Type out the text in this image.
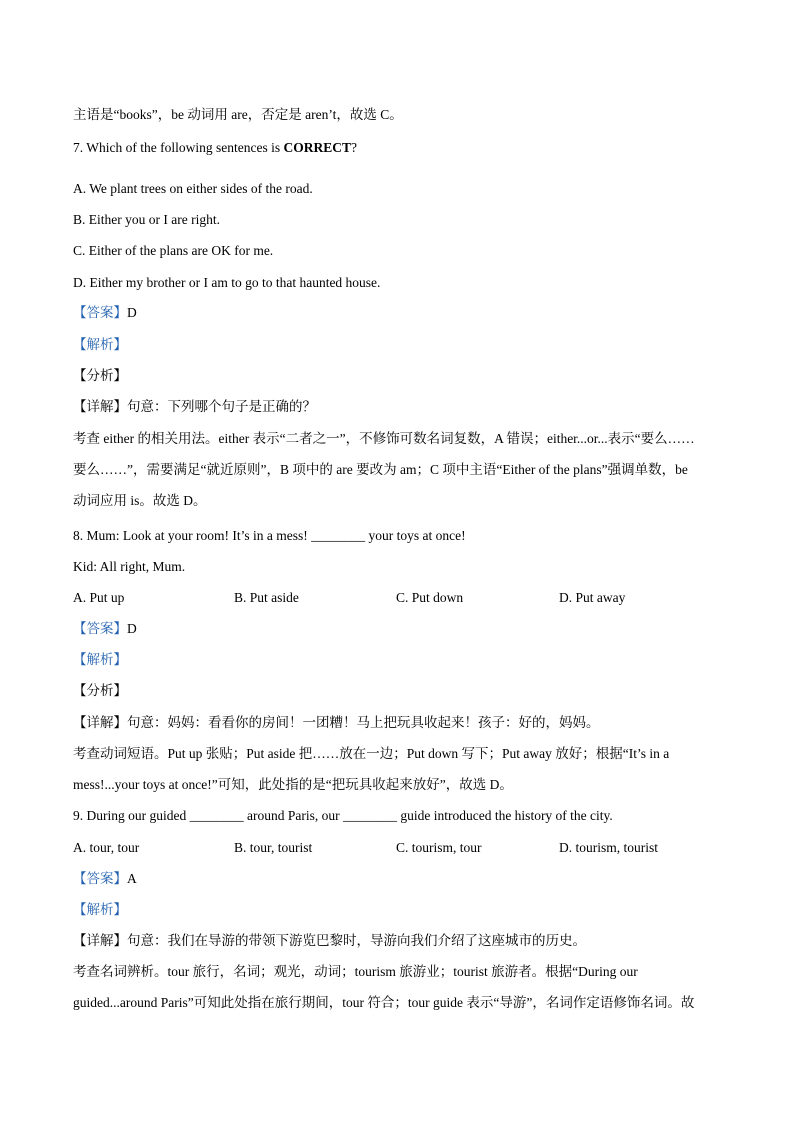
主语是“books”，be 动词用 are，否定是 aren’t，故选 C。
7. Which of the following sentences is CORRECT?
A. We plant trees on either sides of the road.
B. Either you or I are right.
C. Either of the plans are OK for me.
D. Either my brother or I am to go to that haunted house.
【答案】D
【解析】
【分析】
【详解】句意：下列哪个句子是正确的？
考查 either 的相关用法。either 表示“二者之一”，不修饰可数名词复数，A 错误；either...or...表示“要么……
要么……”，需要满足“就近原则”，B 项中的 are 要改为 am；C 项中主语“Either of the plans”强调单数，be
动词应用 is。故选 D。
8. Mum: Look at your room! It’s in a mess! ________ your toys at once!
Kid: All right, Mum.
A. Put up	B. Put aside	C. Put down	D. Put away
【答案】D
【解析】
【分析】
【详解】句意：妈妈：看看你的房间！一团糟！马上把玩具收起来！孩子：好的，妈妈。
考查动词短语。Put up 张贴；Put aside 把……放在一边；Put down 写下；Put away 放好；根据“It’s in a
mess!...your toys at once!”可知，此处指的是“把玩具收起来放好”，故选 D。
9. During our guided ________ around Paris, our ________ guide introduced the history of the city.
A. tour, tour	B. tour, tourist	C. tourism, tour	D. tourism, tourist
【答案】A
【解析】
【详解】句意：我们在导游的带领下游览巴黎时，导游向我们介绍了这座城市的历史。
考查名词辨析。tour 旅行，名词；观光，动词；tourism 旅游业；tourist 旅游者。根据“During our
guided...around Paris”可知此处指在旅行期间，tour 符合；tour guide 表示“导游”，名词作定语修饰名词。故
